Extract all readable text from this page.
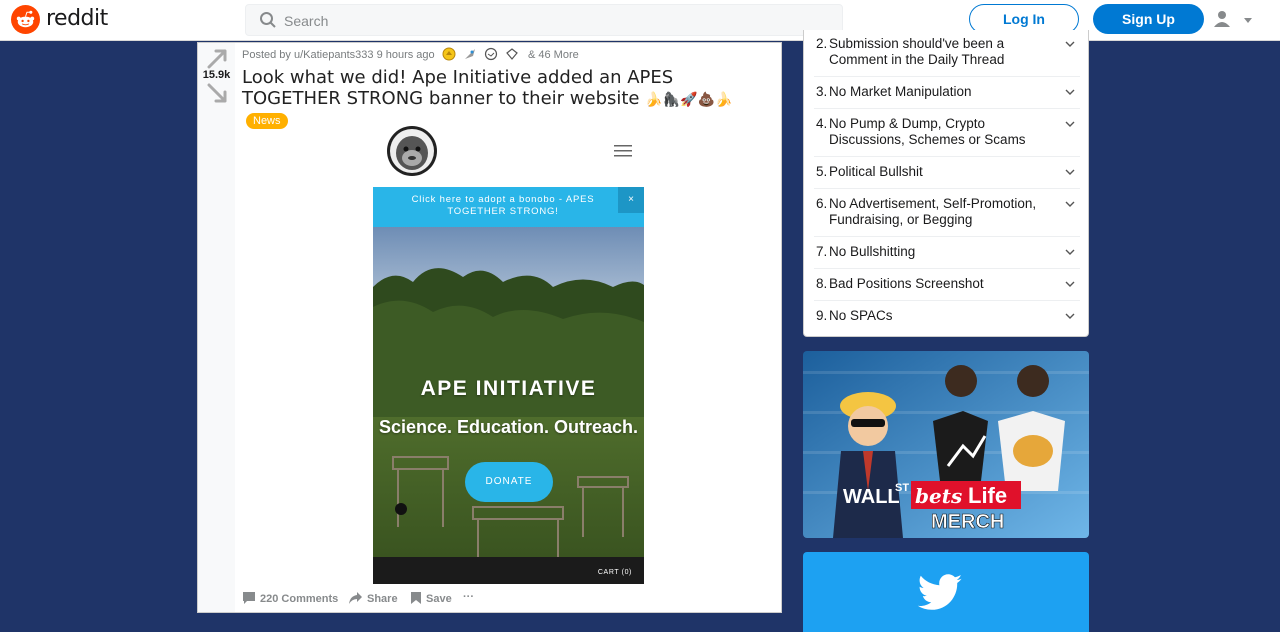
reddit
Search	Log In	Sign Up
15.9k
Posted by u/Katiepants333 9 hours ago	& 46 More
Look what we did! Ape Initiative added an APES TOGETHER STRONG banner to their website 🍌🦍🚀💩🍌 News
Click here to adopt a bonobo - APES TOGETHER STRONG!
×
APE INITIATIVE
Science. Education. Outreach.
DONATE
CART (0)
220 Comments	Share	Save ···
2. Submission should've been a Comment in the Daily Thread
3. No Market Manipulation
4. No Pump & Dump, Crypto Discussions, Schemes or Scams
5. Political Bullshit
6. No Advertisement, Self-Promotion, Fundraising, or Begging
7. No Bullshitting
8. Bad Positions Screenshot
9. No SPACs
WALL
ST bets Life
MERCH
